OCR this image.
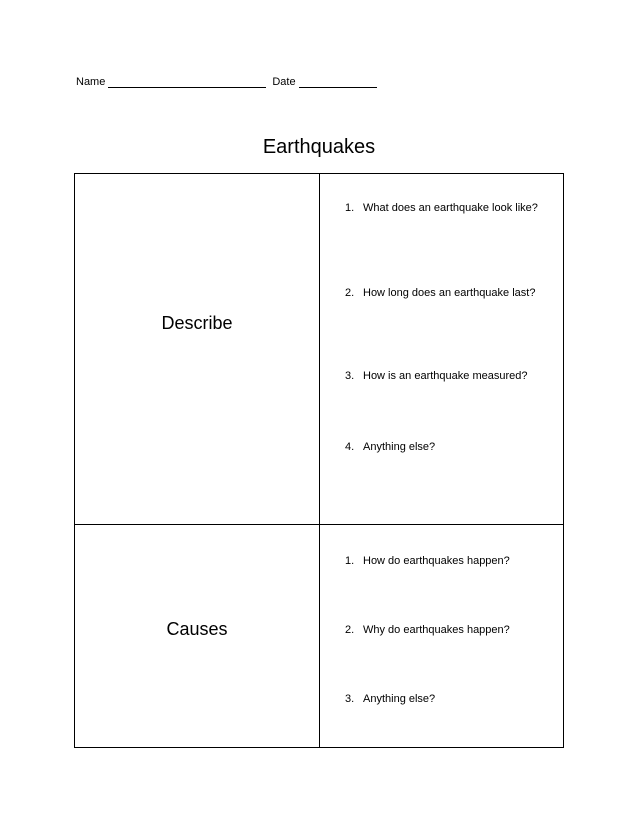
Name	Date
Earthquakes
Describe
1. What does an earthquake look like?
2. How long does an earthquake last?
3. How is an earthquake measured?
4. Anything else?
Causes
1. How do earthquakes happen?
2. Why do earthquakes happen?
3. Anything else?
